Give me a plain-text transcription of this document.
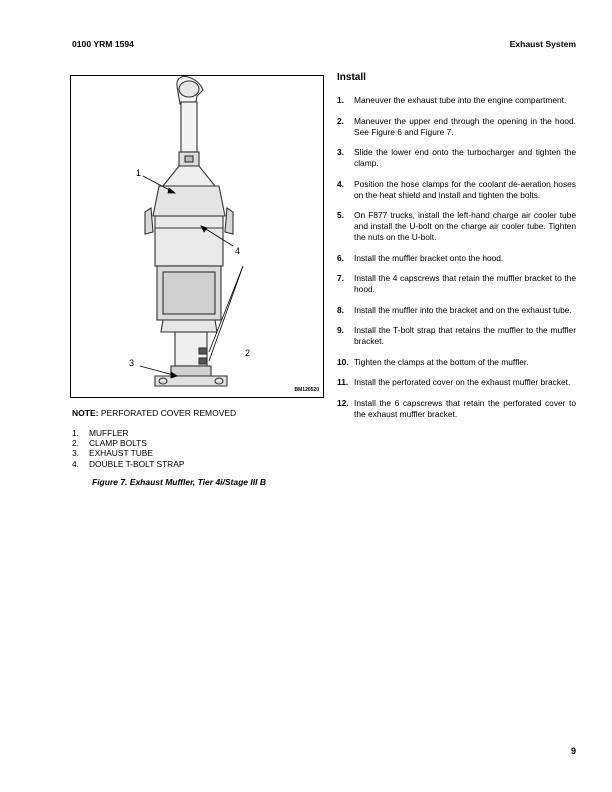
0100 YRM 1594	Exhaust System
1
2
3
4
BM120520
NOTE: PERFORATED COVER REMOVED
1.	MUFFLER
2.	CLAMP BOLTS
3.	EXHAUST TUBE
4.	DOUBLE T-BOLT STRAP
Figure 7. Exhaust Muffler, Tier 4i/Stage III B
Install
1.	Maneuver the exhaust tube into the engine compartment.
2.	Maneuver the upper end through the opening in the hood. See Figure 6 and Figure 7.
3.	Slide the lower end onto the turbocharger and tighten the clamp.
4.	Position the hose clamps for the coolant de-aeration hoses on the heat shield and install and tighten the bolts.
5.	On F877 trucks, install the left-hand charge air cooler tube and install the U-bolt on the charge air cooler tube. Tighten the nuts on the U-bolt.
6.	Install the muffler bracket onto the hood.
7.	Install the 4 capscrews that retain the muffler bracket to the hood.
8.	Install the muffler into the bracket and on the exhaust tube.
9.	Install the T-bolt strap that retains the muffler to the muffler bracket.
10. Tighten the clamps at the bottom of the muffler.
11. Install the perforated cover on the exhaust muffler bracket.
12. Install the 6 capscrews that retain the perforated cover to the exhaust muffler bracket.
9
